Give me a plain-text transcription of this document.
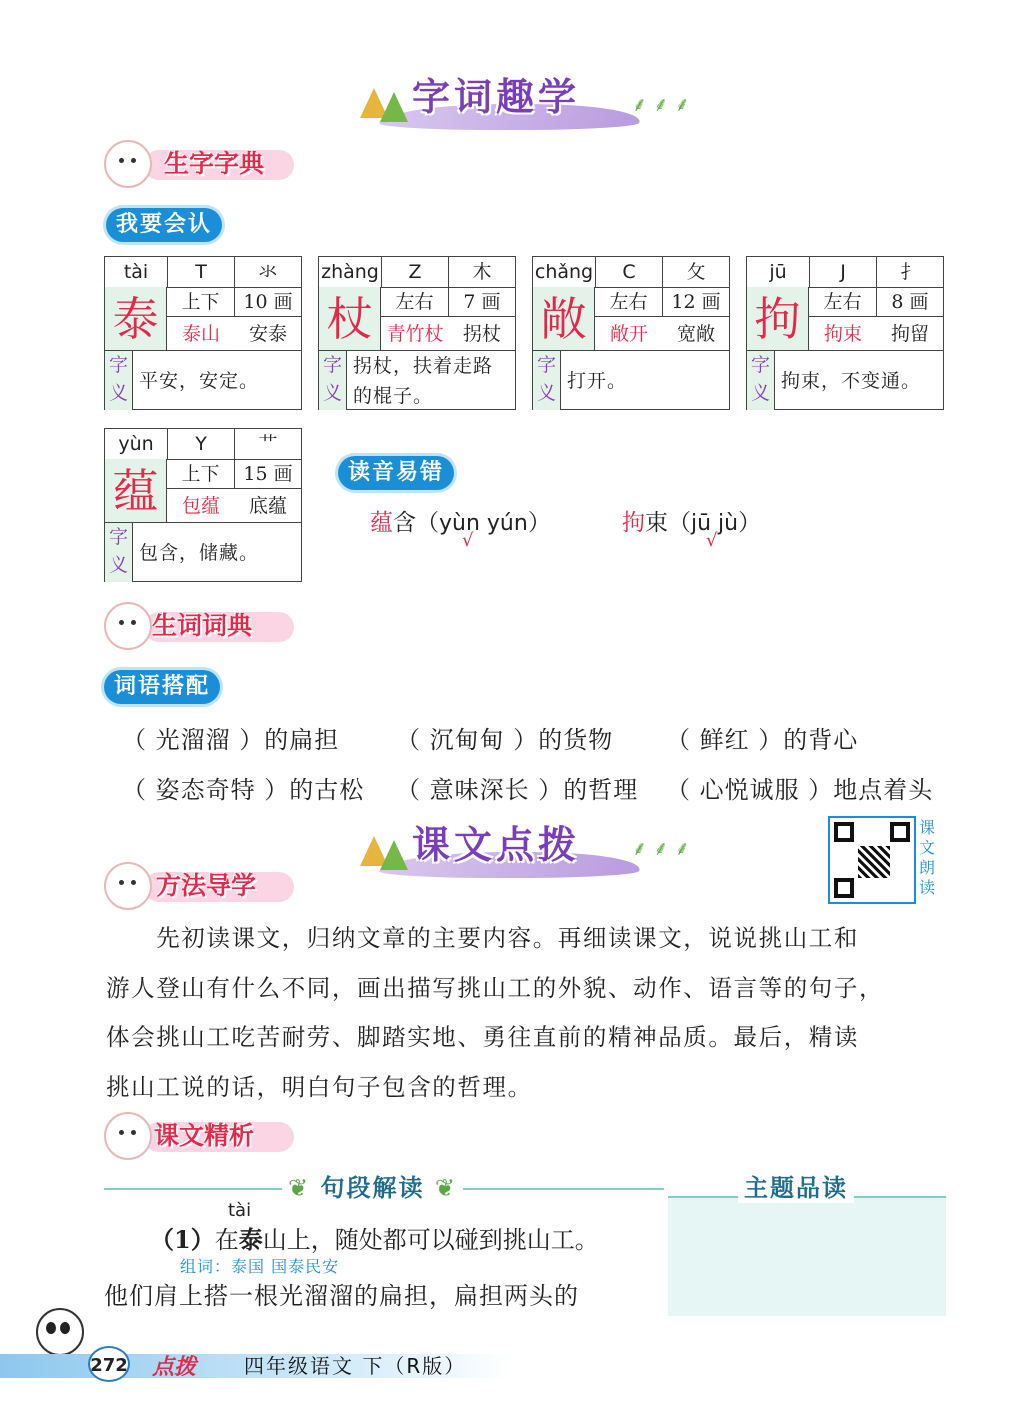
字词趣学	⸙ ⸙ ⸙
生字字典
我要会认
tài	T	氺
泰	上下	10 画
泰山	安泰
字
义
平安，安定。
zhàng	Z	木
杖	左右	7 画
青竹杖	拐杖
字
义
拐杖，扶着走路的棍子。
chǎng	C	攵
敞	左右	12 画
敞开	宽敞
字
义
打开。
jū	J	扌
拘	左右	8 画
拘束	拘留
字
义
拘束，不变通。
yùn	Y	艹
蕴	上下	15 画
包蕴	底蕴
字
义
包含，储藏。
读音易错
蕴含（yùn yún）
√
拘束（jū jù）
√
生词词典
词语搭配
（ 光溜溜 ）的扁担 （ 沉甸甸 ）的货物 （ 鲜红 ）的背心
（ 姿态奇特 ）的古松 （ 意味深长 ）的哲理 （ 心悦诚服 ）地点着头
课文点拨	⸙ ⸙ ⸙
课文朗读
方法导学
　　先初读课文，归纳文章的主要内容。再细读课文，说说挑山工和
游人登山有什么不同，画出描写挑山工的外貌、动作、语言等的句子，
体会挑山工吃苦耐劳、脚踏实地、勇往直前的精神品质。最后，精读
挑山工说的话，明白句子包含的哲理。
课文精析
❦ 句段解读 ❦	主题品读
tài
（1）在泰山上，随处都可以碰到挑山工。
组词：泰国 国泰民安
他们肩上搭一根光溜溜的扁担，扁担两头的
272 点拨 四年级语文 下（R版）
